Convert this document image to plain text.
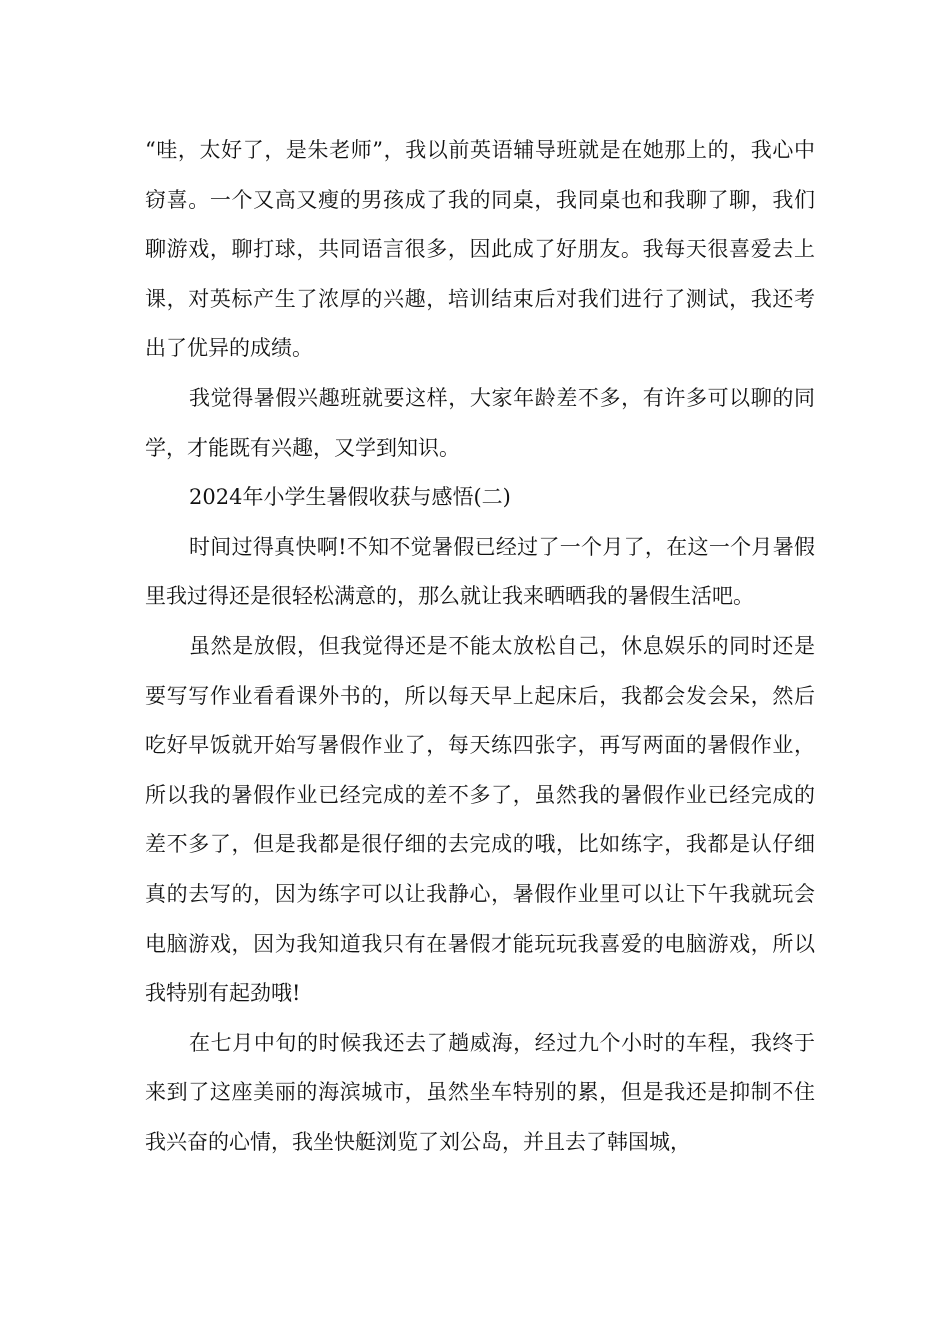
“哇，太好了，是朱老师”，我以前英语辅导班就是在她那上的，我心中窃喜。一个又高又瘦的男孩成了我的同桌，我同桌也和我聊了聊，我们聊游戏，聊打球，共同语言很多，因此成了好朋友。我每天很喜爱去上课，对英标产生了浓厚的兴趣，培训结束后对我们进行了测试，我还考出了优异的成绩。

我觉得暑假兴趣班就要这样，大家年龄差不多，有许多可以聊的同学，才能既有兴趣，又学到知识。

2024年小学生暑假收获与感悟(二)

时间过得真快啊!不知不觉暑假已经过了一个月了，在这一个月暑假里我过得还是很轻松满意的，那么就让我来晒晒我的暑假生活吧。

虽然是放假，但我觉得还是不能太放松自己，休息娱乐的同时还是要写写作业看看课外书的，所以每天早上起床后，我都会发会呆，然后吃好早饭就开始写暑假作业了，每天练四张字，再写两面的暑假作业，所以我的暑假作业已经完成的差不多了，虽然我的暑假作业已经完成的差不多了，但是我都是很仔细的去完成的哦，比如练字，我都是认仔细真的去写的，因为练字可以让我静心，暑假作业里可以让下午我就玩会电脑游戏，因为我知道我只有在暑假才能玩玩我喜爱的电脑游戏，所以我特别有起劲哦!

在七月中旬的时候我还去了趟威海，经过九个小时的车程，我终于来到了这座美丽的海滨城市，虽然坐车特别的累，但是我还是抑制不住我兴奋的心情，我坐快艇浏览了刘公岛，并且去了韩国城，
